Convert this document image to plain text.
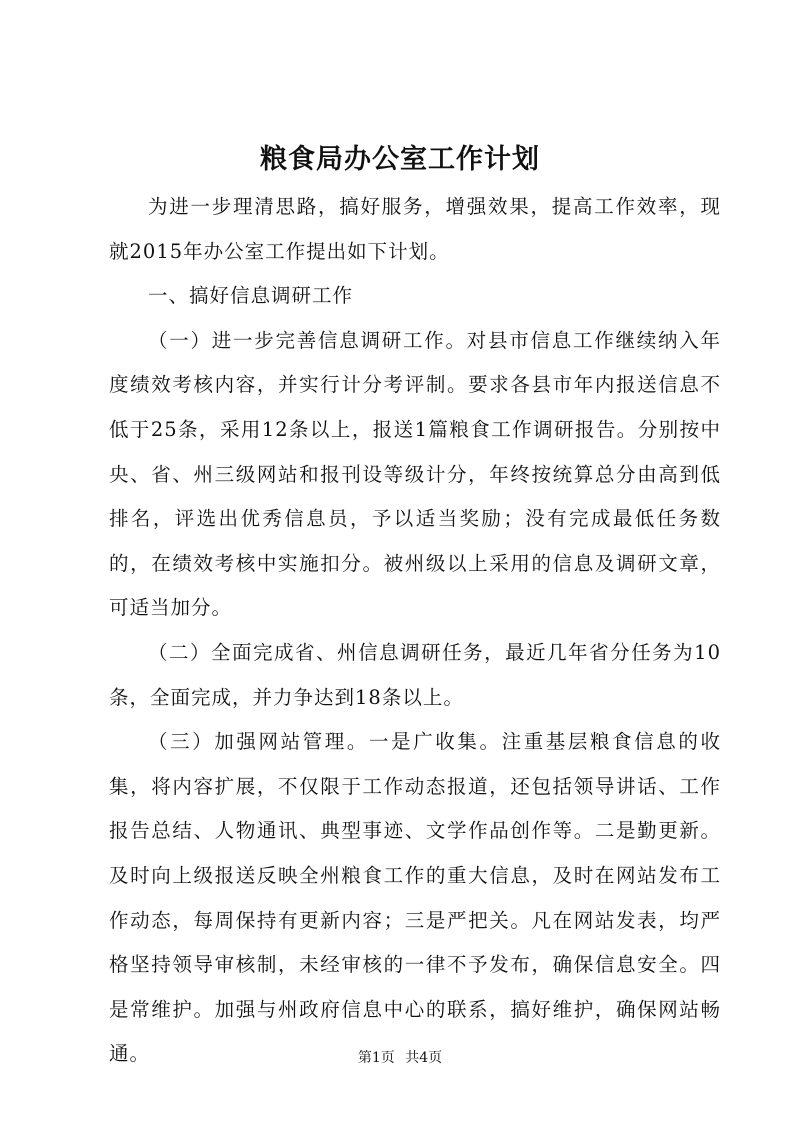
粮食局办公室工作计划

为进一步理清思路，搞好服务，增强效果，提高工作效率，现就2015年办公室工作提出如下计划。

一、搞好信息调研工作

（一）进一步完善信息调研工作。对县市信息工作继续纳入年度绩效考核内容，并实行计分考评制。要求各县市年内报送信息不低于25条，采用12条以上，报送1篇粮食工作调研报告。分别按中央、省、州三级网站和报刊设等级计分，年终按统算总分由高到低排名，评选出优秀信息员，予以适当奖励；没有完成最低任务数的，在绩效考核中实施扣分。被州级以上采用的信息及调研文章，可适当加分。

（二）全面完成省、州信息调研任务，最近几年省分任务为10条，全面完成，并力争达到18条以上。

（三）加强网站管理。一是广收集。注重基层粮食信息的收集，将内容扩展，不仅限于工作动态报道，还包括领导讲话、工作报告总结、人物通讯、典型事迹、文学作品创作等。二是勤更新。及时向上级报送反映全州粮食工作的重大信息，及时在网站发布工作动态，每周保持有更新内容；三是严把关。凡在网站发表，均严格坚持领导审核制，未经审核的一律不予发布，确保信息安全。四是常维护。加强与州政府信息中心的联系，搞好维护，确保网站畅通。	第1页 共4页
